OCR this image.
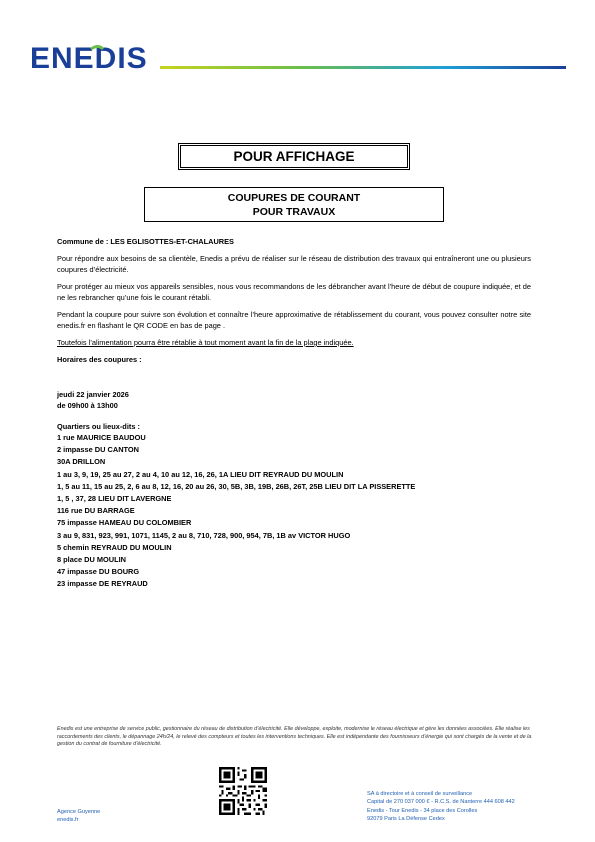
ENEDIS
POUR AFFICHAGE
COUPURES DE COURANT
POUR TRAVAUX

Commune de : LES EGLISOTTES-ET-CHALAURES

Pour répondre aux besoins de sa clientèle, Enedis a prévu de réaliser sur le réseau de distribution des travaux qui entraîneront une ou plusieurs coupures d’électricité.

Pour protéger au mieux vos appareils sensibles, nous vous recommandons de les débrancher avant l'heure de début de coupure indiquée, et de ne les rebrancher qu’une fois le courant rétabli.

Pendant la coupure pour suivre son évolution et connaître l’heure approximative de rétablissement du courant, vous pouvez consulter notre site enedis.fr en flashant le QR CODE en bas de page .

Toutefois l’alimentation pourra être rétablie à tout moment avant la fin de la plage indiquée.

Horaires des coupures :

jeudi 22 janvier 2026
de 09h00 à 13h00
Quartiers ou lieux-dits :
1 rue MAURICE BAUDOU
2 impasse DU CANTON
30A DRILLON
1 au 3, 9, 19, 25 au 27, 2 au 4, 10 au 12, 16, 26, 1A LIEU DIT REYRAUD DU MOULIN
1, 5 au 11, 15 au 25, 2, 6 au 8, 12, 16, 20 au 26, 30, 5B, 3B, 19B, 26B, 26T, 25B LIEU DIT LA PISSERETTE
1, 5 , 37, 28 LIEU DIT LAVERGNE
116 rue DU BARRAGE
75 impasse HAMEAU DU COLOMBIER
3 au 9, 831, 923, 991, 1071, 1145, 2 au 8, 710, 728, 900, 954, 7B, 1B av VICTOR HUGO
5 chemin REYRAUD DU MOULIN
8 place DU MOULIN
47 impasse DU BOURG
23 impasse DE REYRAUD
Enedis est une entreprise de service public, gestionnaire du réseau de distribution d’électricité. Elle développe, exploite, modernise le réseau électrique et gère les données associées. Elle réalise les raccordements des clients, le dépannage 24h/24, le relevé des compteurs et toutes les interventions techniques. Elle est indépendante des fournisseurs d’énergie qui sont chargés de la vente et de la gestion du contrat de fourniture d’électricité.
Agence Guyenne
enedis.fr
SA à directoire et à conseil de surveillance
Capital de 270 037 000 € - R.C.S. de Nanterre 444 608 442
Enedis - Tour Enedis - 34 place des Corolles
92079 Paris La Défense Cedex
